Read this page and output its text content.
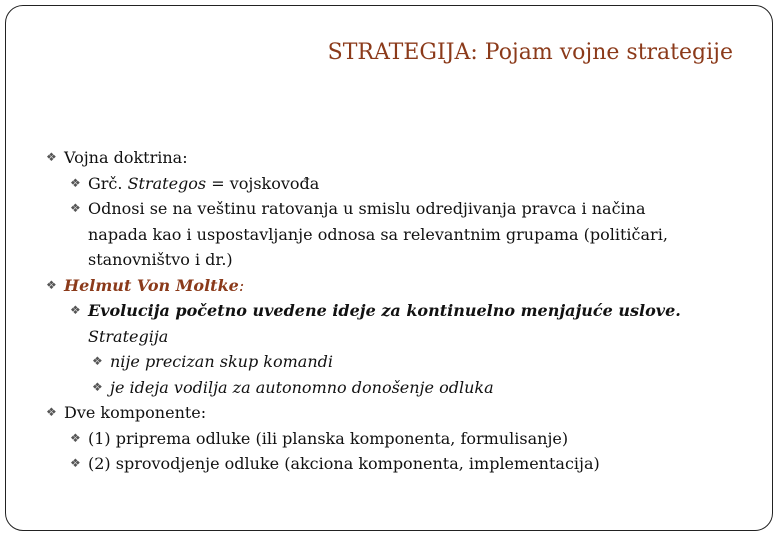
STRATEGIJA: Pojam vojne strategije
❖ Vojna doktrina:
❖ Grč. Strategos = vojskovođa
❖ Odnosi se na veštinu ratovanja u smislu odredjivanja pravca i načina
napada kao i uspostavljanje odnosa sa relevantnim grupama (političari,
stanovništvo i dr.)
❖ Helmut Von Moltke:
❖ Evolucija početno uvedene ideje za kontinuelno menjajuće uslove.
Strategija
❖ nije precizan skup komandi
❖ je ideja vodilja za autonomno donošenje odluka
❖ Dve komponente:
❖ (1) priprema odluke (ili planska komponenta, formulisanje)
❖ (2) sprovodjenje odluke (akciona komponenta, implementacija)
